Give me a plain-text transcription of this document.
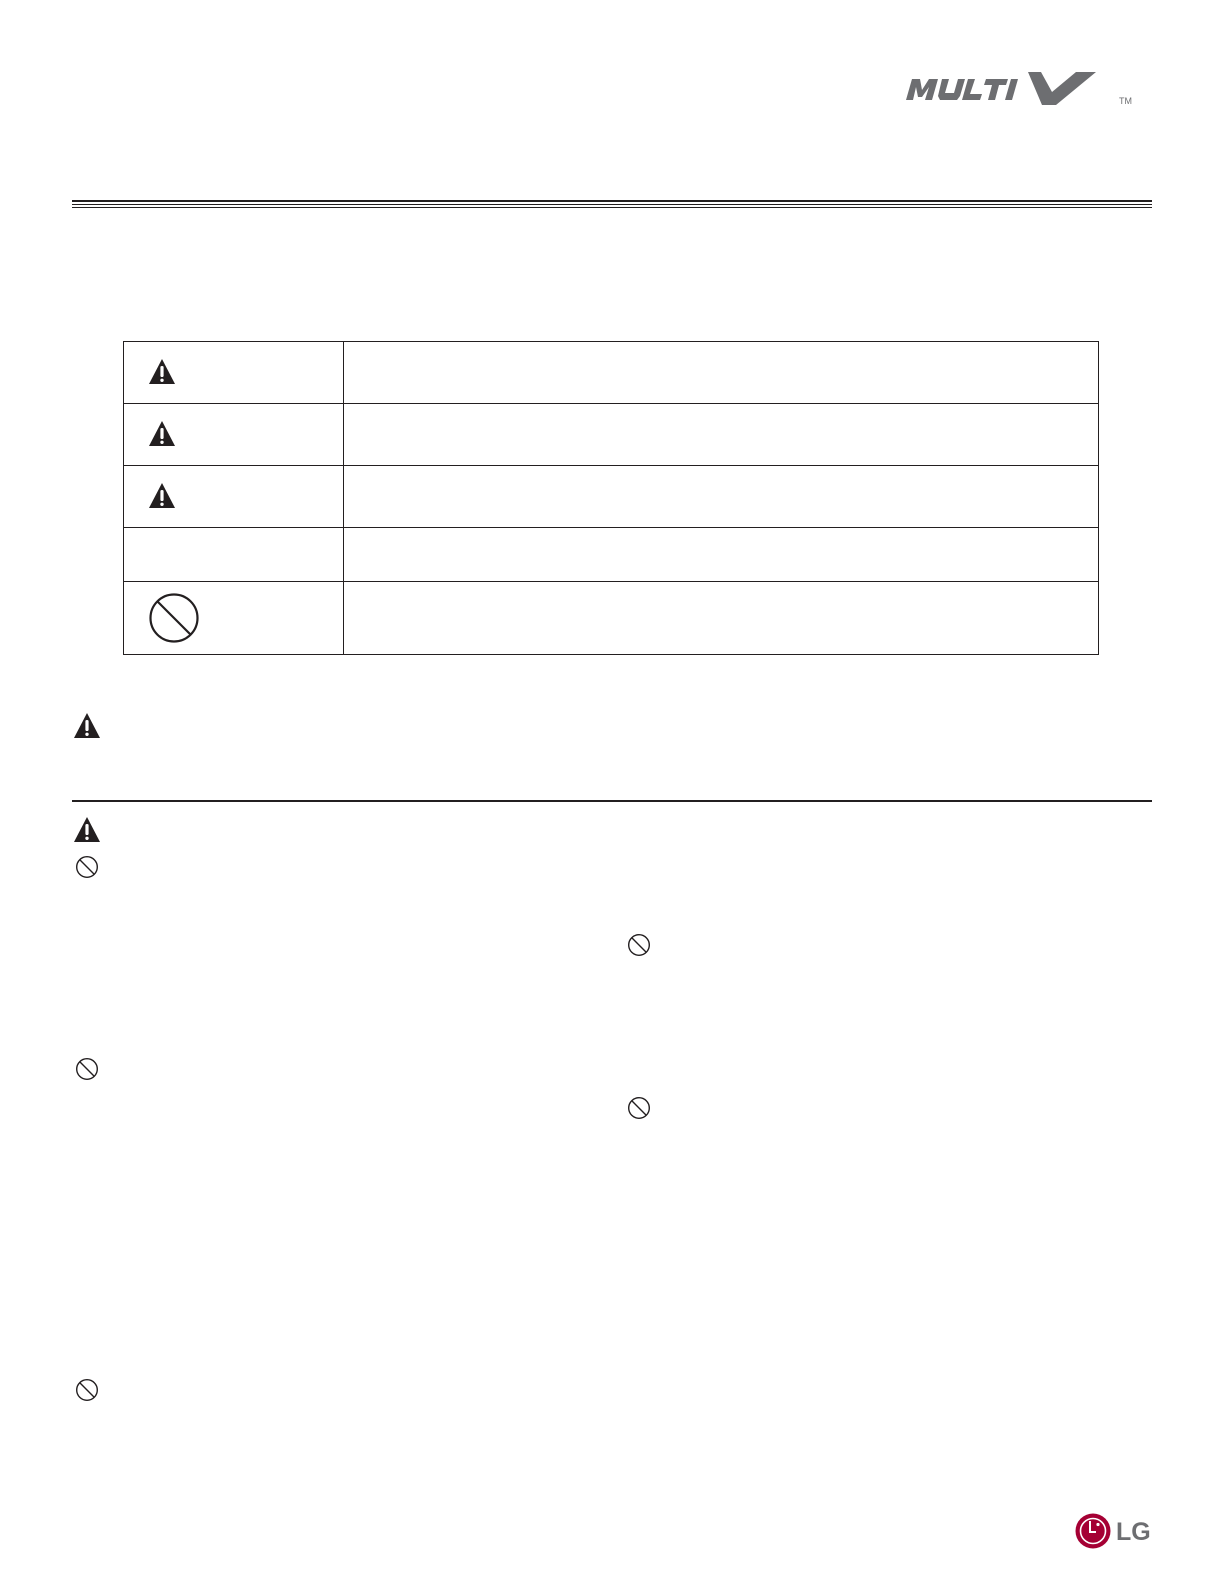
TM
LG
